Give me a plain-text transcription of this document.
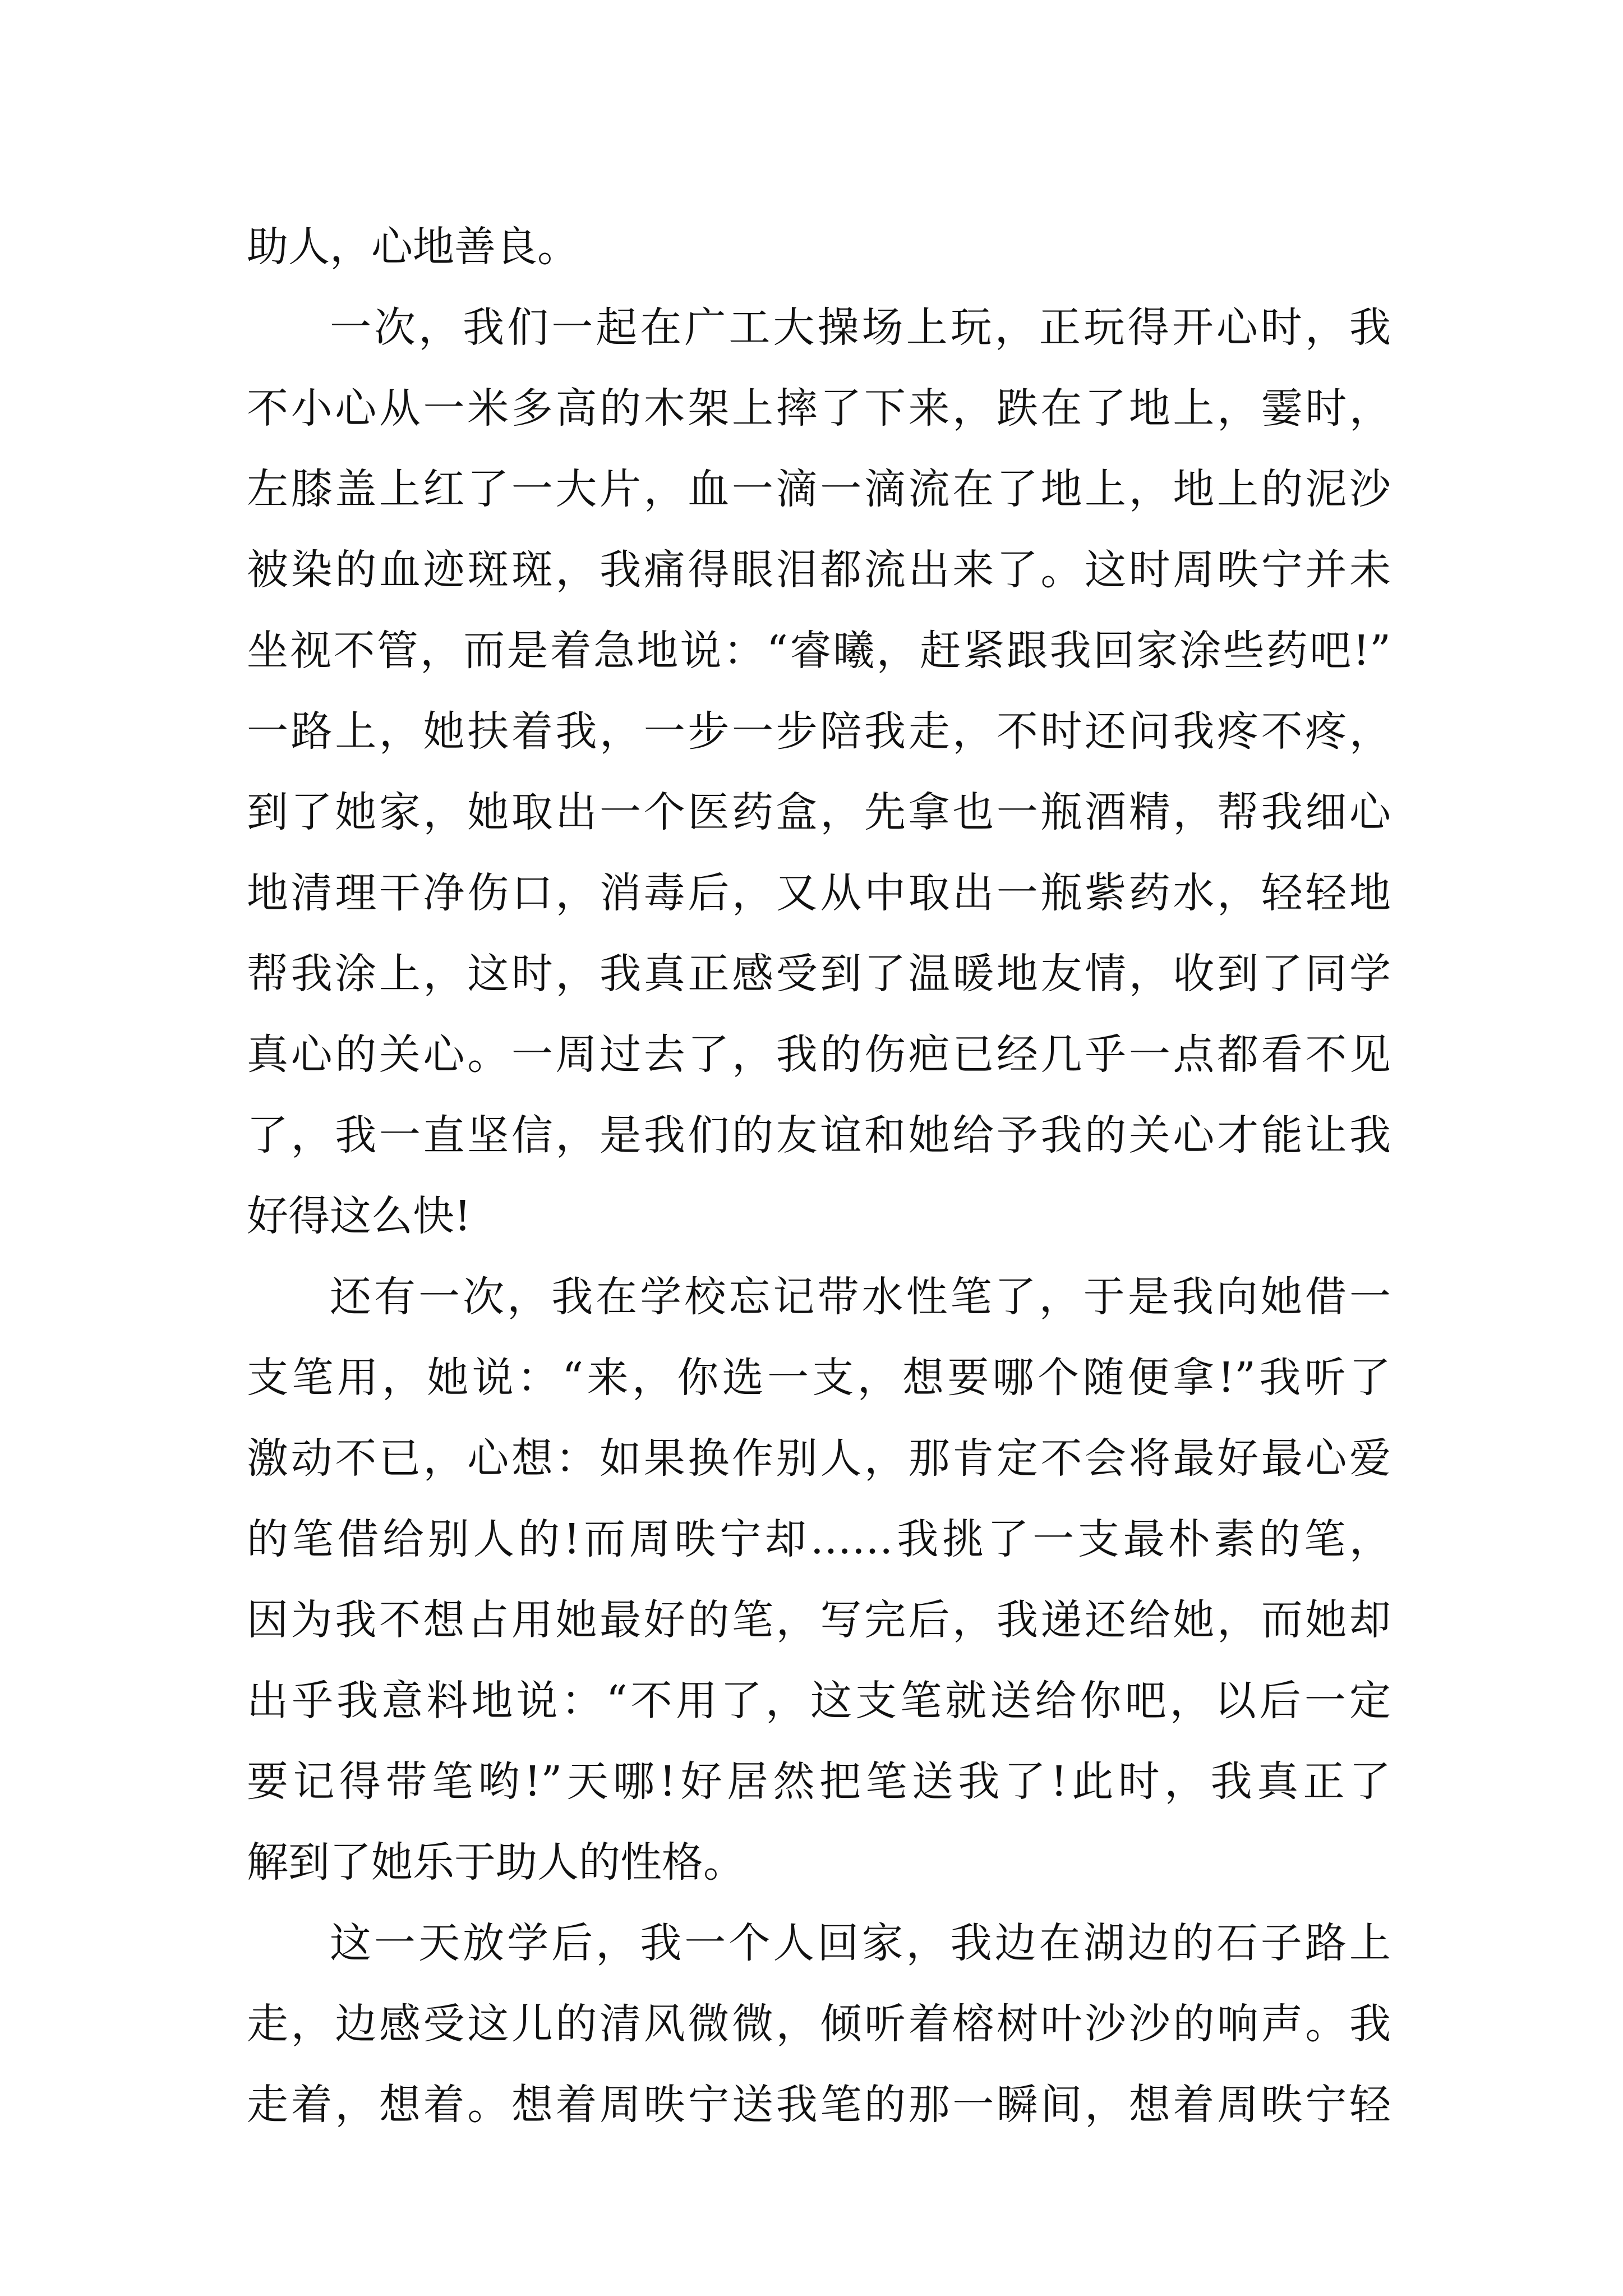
助人，心地善良。
一次，我们一起在广工大操场上玩，正玩得开心时，我
不小心从一米多高的木架上摔了下来，跌在了地上，霎时，
左膝盖上红了一大片，血一滴一滴流在了地上，地上的泥沙
被染的血迹斑斑，我痛得眼泪都流出来了。这时周昳宁并未
坐视不管，而是着急地说：“睿曦，赶紧跟我回家涂些药吧!”
一路上，她扶着我，一步一步陪我走，不时还问我疼不疼，
到了她家，她取出一个医药盒，先拿也一瓶酒精，帮我细心
地清理干净伤口，消毒后，又从中取出一瓶紫药水，轻轻地
帮我涂上，这时，我真正感受到了温暖地友情，收到了同学
真心的关心。一周过去了，我的伤疤已经几乎一点都看不见
了，我一直坚信，是我们的友谊和她给予我的关心才能让我
好得这么快!
还有一次，我在学校忘记带水性笔了，于是我向她借一
支笔用，她说：“来，你选一支，想要哪个随便拿!”我听了
激动不已，心想：如果换作别人，那肯定不会将最好最心爱
的笔借给别人的!而周昳宁却……我挑了一支最朴素的笔，
因为我不想占用她最好的笔，写完后，我递还给她，而她却
出乎我意料地说：“不用了，这支笔就送给你吧，以后一定
要记得带笔哟!”天哪!好居然把笔送我了!此时，我真正了
解到了她乐于助人的性格。
这一天放学后，我一个人回家，我边在湖边的石子路上
走，边感受这儿的清风微微，倾听着榕树叶沙沙的响声。我
走着，想着。想着周昳宁送我笔的那一瞬间，想着周昳宁轻
